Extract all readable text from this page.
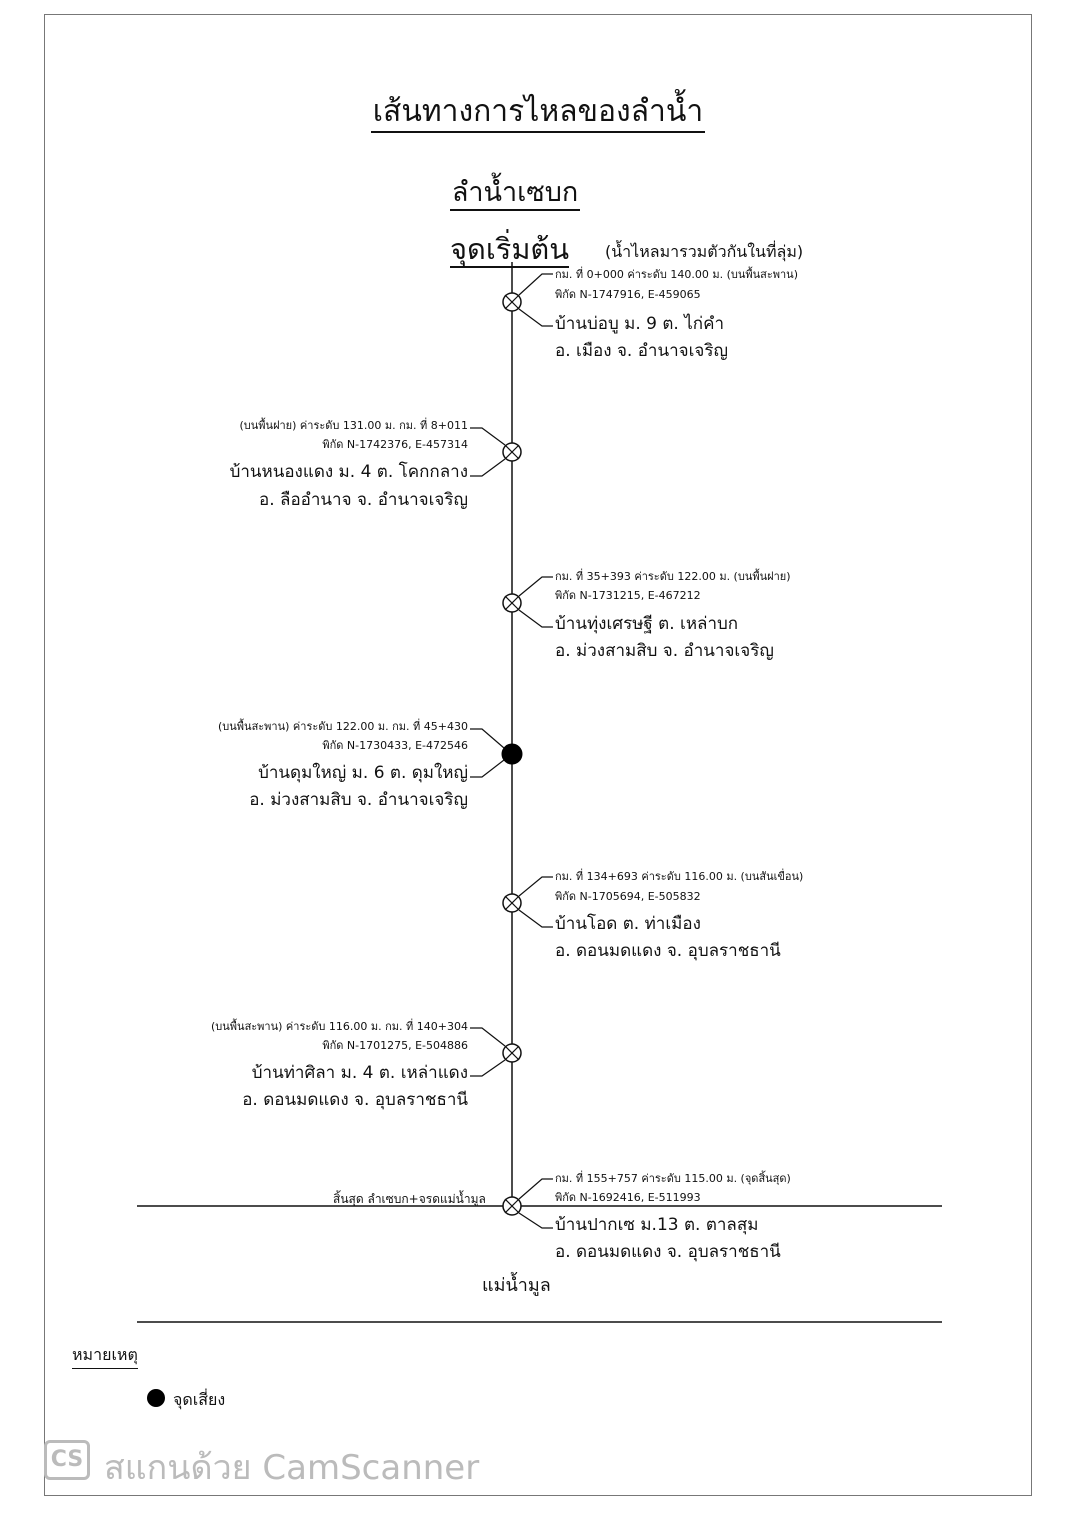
เส้นทางการไหลของลำน้ำ
ลำน้ำเซบก
จุดเริ่มต้น (น้ำไหลมารวมตัวกันในที่ลุ่ม)
กม. ที่ 0+000 ค่าระดับ 140.00 ม. (บนพื้นสะพาน)
พิกัด N-1747916, E-459065
บ้านบ่อบู ม. 9 ต. ไก่คำ
อ. เมือง จ. อำนาจเจริญ
(บนพื้นฝาย) ค่าระดับ 131.00 ม. กม. ที่ 8+011
พิกัด N-1742376, E-457314
บ้านหนองแดง ม. 4 ต. โคกกลาง
อ. ลืออำนาจ จ. อำนาจเจริญ
กม. ที่ 35+393 ค่าระดับ 122.00 ม. (บนพื้นฝาย)
พิกัด N-1731215, E-467212
บ้านทุ่งเศรษฐี ต. เหล่าบก
อ. ม่วงสามสิบ จ. อำนาจเจริญ
(บนพื้นสะพาน) ค่าระดับ 122.00 ม. กม. ที่ 45+430
พิกัด N-1730433, E-472546
บ้านดุมใหญ่ ม. 6 ต. ดุมใหญ่
อ. ม่วงสามสิบ จ. อำนาจเจริญ
กม. ที่ 134+693 ค่าระดับ 116.00 ม. (บนสันเขื่อน)
พิกัด N-1705694, E-505832
บ้านโอด ต. ท่าเมือง
อ. ดอนมดแดง จ. อุบลราชธานี
(บนพื้นสะพาน) ค่าระดับ 116.00 ม. กม. ที่ 140+304
พิกัด N-1701275, E-504886
บ้านท่าศิลา ม. 4 ต. เหล่าแดง
อ. ดอนมดแดง จ. อุบลราชธานี
กม. ที่ 155+757 ค่าระดับ 115.00 ม. (จุดสิ้นสุด)
พิกัด N-1692416, E-511993
บ้านปากเซ ม.13 ต. ตาลสุม
อ. ดอนมดแดง จ. อุบลราชธานี
สิ้นสุด ลำเซบก+จรดแม่น้ำมูล
แม่น้ำมูล
หมายเหตุ
จุดเสี่ยง
CS สแกนด้วย CamScanner
